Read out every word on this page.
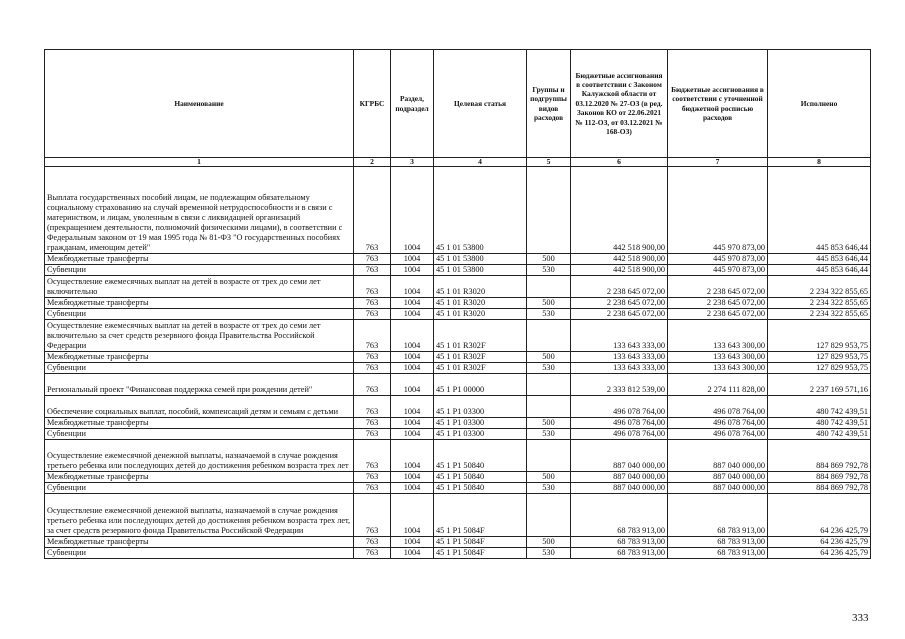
Наименование	КГРБС	Раздел, подраздел	Целевая статья	Группы и подгруппы видов расходов	Бюджетные ассигнования в соответствии с Законом Калужской области от 03.12.2020 № 27-ОЗ (в ред. Законов КО от 22.06.2021 № 112-ОЗ, от 03.12.2021 № 168-ОЗ)	Бюджетные ассигнования в соответствии с уточненной бюджетной росписью расходов	Исполнено
1	2	3	4	5	6	7	8
Выплата государственных пособий лицам, не подлежащим обязательному социальному страхованию на случай временной нетрудоспособности и в связи с материнством, и лицам, уволенным в связи с ликвидацией организаций (прекращением деятельности, полномочий физическими лицами), в соответствии с Федеральным законом от 19 мая 1995 года № 81-ФЗ "О государственных пособиях гражданам, имеющим детей"	763	1004	45 1 01 53800		442 518 900,00	445 970 873,00	445 853 646,44
Межбюджетные трансферты	763	1004	45 1 01 53800	500	442 518 900,00	445 970 873,00	445 853 646,44
Субвенции	763	1004	45 1 01 53800	530	442 518 900,00	445 970 873,00	445 853 646,44
Осуществление ежемесячных выплат на детей в возрасте от трех до семи лет включительно	763	1004	45 1 01 R3020		2 238 645 072,00	2 238 645 072,00	2 234 322 855,65
Межбюджетные трансферты	763	1004	45 1 01 R3020	500	2 238 645 072,00	2 238 645 072,00	2 234 322 855,65
Субвенции	763	1004	45 1 01 R3020	530	2 238 645 072,00	2 238 645 072,00	2 234 322 855,65
Осуществление ежемесячных выплат на детей в возрасте от трех до семи лет включительно за счет средств резервного фонда Правительства Российской Федерации	763	1004	45 1 01 R302F		133 643 333,00	133 643 300,00	127 829 953,75
Межбюджетные трансферты	763	1004	45 1 01 R302F	500	133 643 333,00	133 643 300,00	127 829 953,75
Субвенции	763	1004	45 1 01 R302F	530	133 643 333,00	133 643 300,00	127 829 953,75
Региональный проект "Финансовая поддержка семей при рождении детей"	763	1004	45 1 P1 00000		2 333 812 539,00	2 274 111 828,00	2 237 169 571,16
Обеспечение социальных выплат, пособий, компенсаций детям и семьям с детьми	763	1004	45 1 P1 03300		496 078 764,00	496 078 764,00	480 742 439,51
Межбюджетные трансферты	763	1004	45 1 P1 03300	500	496 078 764,00	496 078 764,00	480 742 439,51
Субвенции	763	1004	45 1 P1 03300	530	496 078 764,00	496 078 764,00	480 742 439,51
Осуществление ежемесячной денежной выплаты, назначаемой в случае рождения третьего ребенка или последующих детей до достижения ребенком возраста трех лет	763	1004	45 1 P1 50840		887 040 000,00	887 040 000,00	884 869 792,78
Межбюджетные трансферты	763	1004	45 1 P1 50840	500	887 040 000,00	887 040 000,00	884 869 792,78
Субвенции	763	1004	45 1 P1 50840	530	887 040 000,00	887 040 000,00	884 869 792,78
Осуществление ежемесячной денежной выплаты, назначаемой в случае рождения третьего ребенка или последующих детей до достижения ребенком возраста трех лет, за счет средств резервного фонда Правительства Российской Федерации	763	1004	45 1 P1 5084F		68 783 913,00	68 783 913,00	64 236 425,79
Межбюджетные трансферты	763	1004	45 1 P1 5084F	500	68 783 913,00	68 783 913,00	64 236 425,79
Субвенции	763	1004	45 1 P1 5084F	530	68 783 913,00	68 783 913,00	64 236 425,79
333
